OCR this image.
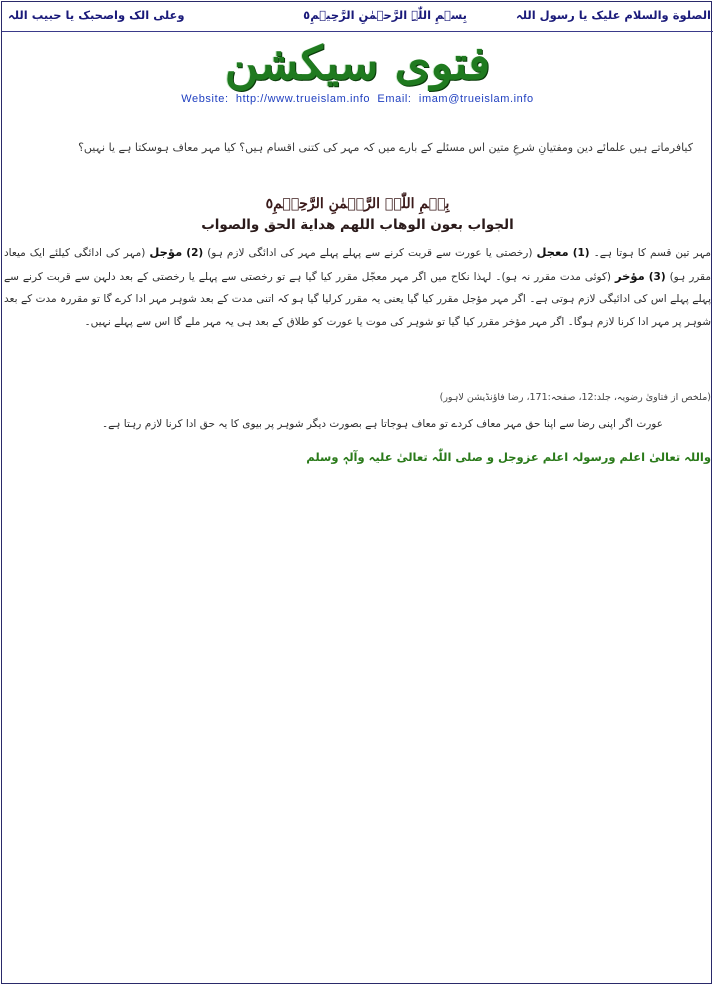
الصلوة والسلام عليک يا رسول اللہ
بِسۡمِ اللّٰہِ الرَّحۡمٰنِ الرَّحِیۡمِ٥
وعلی الک واصحبک يا حبيب اللہ
فتوی سیکشن
Website:  http://www.trueislam.info  Email:  imam@trueislam.info
کیافرماتے ہیں علمائے دین ومفتیانِ شرعِ متین اس مسئلے کے بارے میں کہ مہر کی کتنی اقسام ہیں؟ کیا مہر معاف ہوسکتا ہے یا نہیں؟
بِسۡمِ اللّٰہِ الرَّحۡمٰنِ الرَّحِیۡمِ٥
الجواب بعون الوهاب اللهم هداية الحق والصواب
مہر تین قسم کا ہوتا ہے۔ (1) معجل (رخصتی یا عورت سے قربت کرنے سے پہلے پہلے مہر کی ادائگی لازم ہو) (2) مؤجل (مہر کی ادائگی کیلئے ایک میعاد مقرر ہو) (3) مؤخر (کوئی مدت مقرر نہ ہو)۔ لہذا نکاح میں اگر مہر معجّل مقرر کیا گیا ہے تو رخصتی سے پہلے یا رخصتی کے بعد دلہن سے قربت کرنے سے پہلے پہلے اس کی ادائیگی لازم ہوتی ہے۔ اگر مہر مؤجل مقرر کیا گیا یعنی یہ مقرر کرلیا گیا ہو کہ اتنی مدت کے بعد شوہر مہر ادا کرے گا تو مقررہ مدت کے بعد شوہر پر مہر ادا کرنا لازم ہوگا۔ اگر مہر مؤخر مقرر کیا گیا تو شوہر کی موت یا عورت کو طلاق کے بعد ہی یہ مہر ملے گا اس سے پہلے نہیں۔
(ملخص از فتاویٰ رضویہ، جلد:12، صفحہ:171، رضا فاؤنڈیشن لاہور)
عورت اگر اپنی رضا سے اپنا حق مہر معاف کردے تو معاف ہوجاتا ہے بصورت دیگر شوہر پر بیوی کا یہ حق ادا کرنا لازم رہتا ہے۔
واللہ تعالیٰ اعلم ورسولہ اعلم عزوجل و صلی اللّٰہ تعالیٰ علیہ وآلہٖ وسلم
